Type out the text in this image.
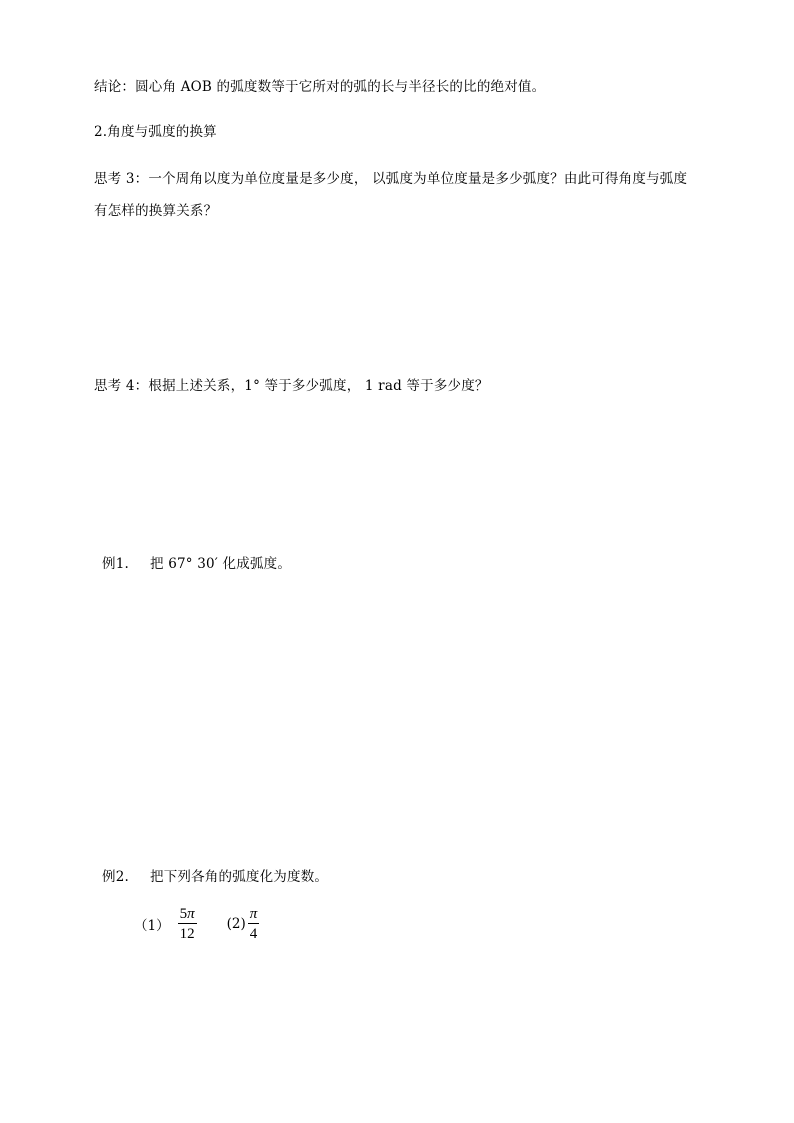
结论：圆心角 AOB 的弧度数等于它所对的弧的长与半径长的比的绝对值。
2.角度与弧度的换算
思考 3：一个周角以度为单位度量是多少度， 以弧度为单位度量是多少弧度？由此可得角度与弧度
有怎样的换算关系？
思考 4：根据上述关系，1° 等于多少弧度， 1 rad 等于多少度？
例1. 把 67° 30′ 化成弧度。
例2. 把下列各角的弧度化为度数。
$(1) \frac{5\pi}{12} (2) \frac{\pi}{4}$
